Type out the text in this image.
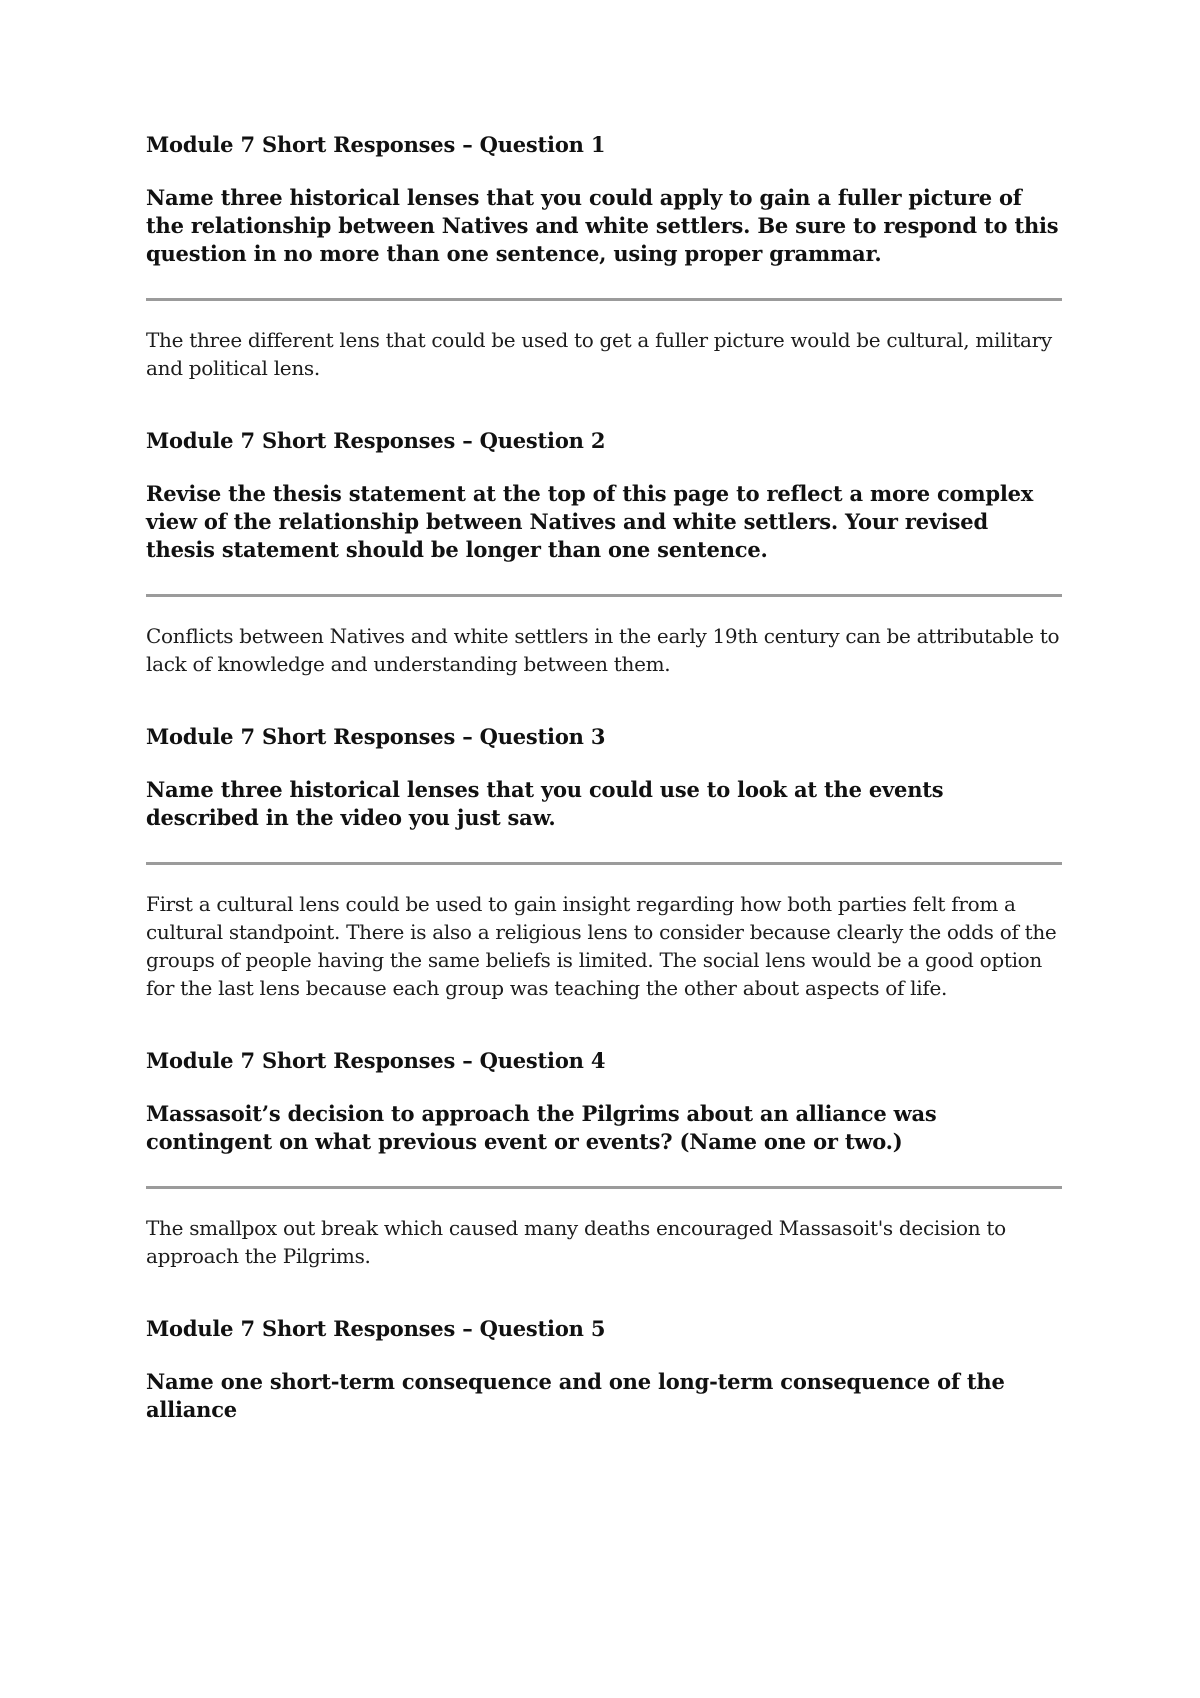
Module 7 Short Responses – Question 1

Name three historical lenses that you could apply to gain a fuller picture of the relationship between Natives and white settlers. Be sure to respond to this question in no more than one sentence, using proper grammar.

The three different lens that could be used to get a fuller picture would be cultural, military and political lens.

Module 7 Short Responses – Question 2

Revise the thesis statement at the top of this page to reflect a more complex view of the relationship between Natives and white settlers. Your revised thesis statement should be longer than one sentence.

Conflicts between Natives and white settlers in the early 19th century can be attributable to lack of knowledge and understanding between them.

Module 7 Short Responses – Question 3

Name three historical lenses that you could use to look at the events described in the video you just saw.

First a cultural lens could be used to gain insight regarding how both parties felt from a cultural standpoint. There is also a religious lens to consider because clearly the odds of the groups of people having the same beliefs is limited. The social lens would be a good option for the last lens because each group was teaching the other about aspects of life.

Module 7 Short Responses – Question 4

Massasoit’s decision to approach the Pilgrims about an alliance was contingent on what previous event or events? (Name one or two.)

The smallpox out break which caused many deaths encouraged Massasoit's decision to approach the Pilgrims.

Module 7 Short Responses – Question 5

Name one short-term consequence and one long-term consequence of the alliance
